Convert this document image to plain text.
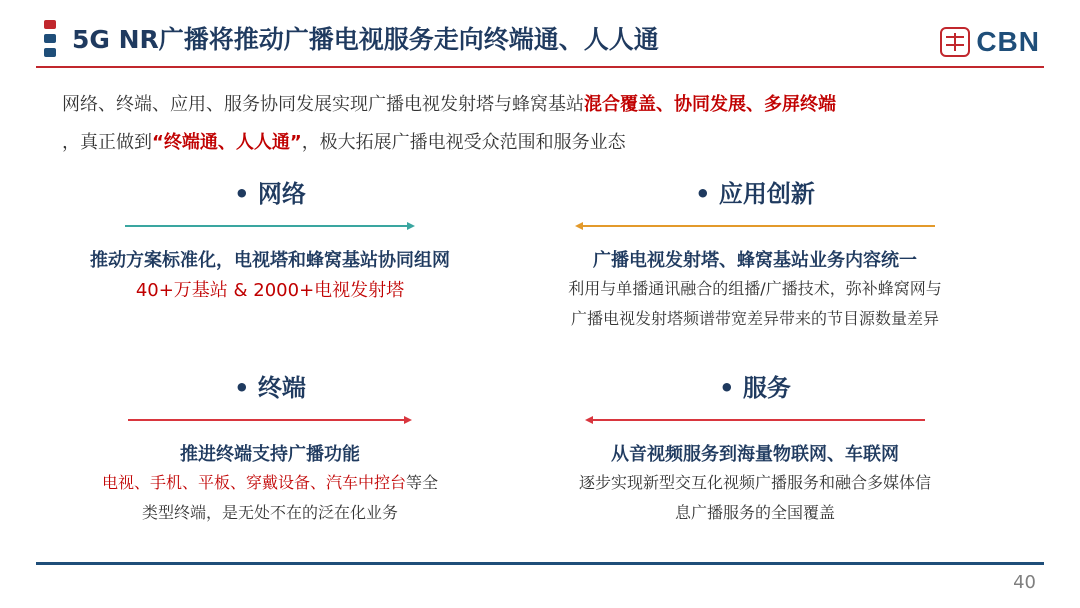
5G NR广播将推动广播电视服务走向终端通、人人通	CBN
网络、终端、应用、服务协同发展实现广播电视发射塔与蜂窝基站混合覆盖、协同发展、多屏终端
，真正做到“终端通、人人通”，极大拓展广播电视受众范围和服务业态
• 网络
推动方案标准化，电视塔和蜂窝基站协同组网
40+万基站 & 2000+电视发射塔
• 应用创新
广播电视发射塔、蜂窝基站业务内容统一
利用与单播通讯融合的组播/广播技术，弥补蜂窝网与
广播电视发射塔频谱带宽差异带来的节目源数量差异
• 终端
推进终端支持广播功能
电视、手机、平板、穿戴设备、汽车中控台等全
类型终端，是无处不在的泛在化业务
• 服务
从音视频服务到海量物联网、车联网
逐步实现新型交互化视频广播服务和融合多媒体信
息广播服务的全国覆盖
40
